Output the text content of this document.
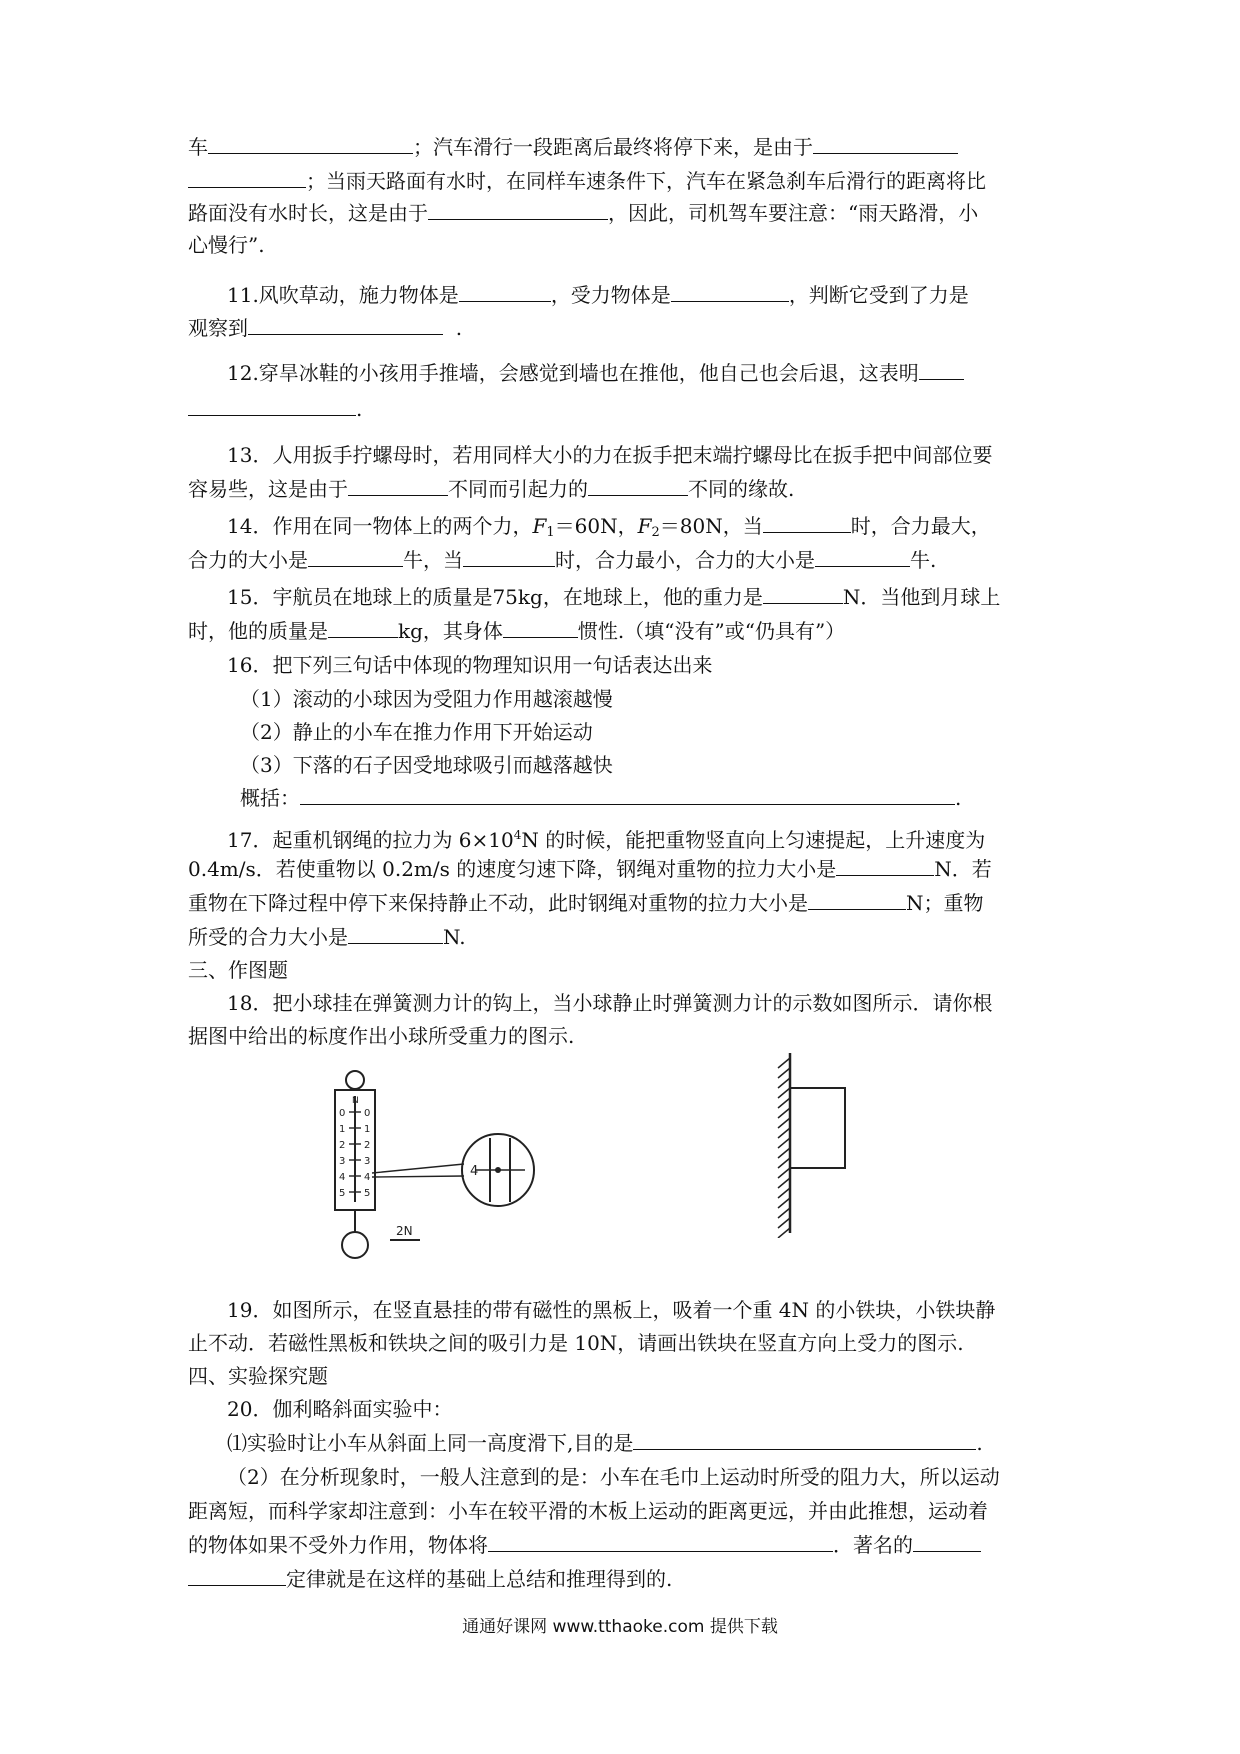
车	；汽车滑行一段距离后最终将停下来，是由于
；当雨天路面有水时，在同样车速条件下，汽车在紧急刹车后滑行的距离将比
路面没有水时长，这是由于	，因此，司机驾车要注意：“雨天路滑，小
心慢行”.
11.风吹草动，施力物体是	，受力物体是	，判断它受到了力是
观察到	.
12.穿旱冰鞋的小孩用手推墙，会感觉到墙也在推他，他自己也会后退，这表明
.
13．人用扳手拧螺母时，若用同样大小的力在扳手把末端拧螺母比在扳手把中间部位要
容易些，这是由于	不同而引起力的	不同的缘故.
14．作用在同一物体上的两个力，$F_1=60N$，$F_2=80N$，当	时，合力最大，
合力的大小是	牛，当	时，合力最小，合力的大小是	牛.
15．宇航员在地球上的质量是75kg，在地球上，他的重力是	N．当他到月球上
时，他的质量是	kg，其身体	惯性.（填“没有”或“仍具有”）
16．把下列三句话中体现的物理知识用一句话表达出来
（1）滚动的小球因为受阻力作用越滚越慢
（2）静止的小车在推力作用下开始运动
（3）下落的石子因受地球吸引而越落越快
概括：	.
17．起重机钢绳的拉力为 $6\times 10^4N$ 的时候，能把重物竖直向上匀速提起，上升速度为
0.4m/s．若使重物以 0.2m/s 的速度匀速下降，钢绳对重物的拉力大小是	N．若
重物在下降过程中停下来保持静止不动，此时钢绳对重物的拉力大小是	N；重物
所受的合力大小是	N.
三、作图题
18．把小球挂在弹簧测力计的钩上，当小球静止时弹簧测力计的示数如图所示．请你根
据图中给出的标度作出小球所受重力的图示.
N
0 0
1 1
2 2
3 3
4 4
5 5
4
2N
19．如图所示，在竖直悬挂的带有磁性的黑板上，吸着一个重 4N 的小铁块，小铁块静
止不动．若磁性黑板和铁块之间的吸引力是 10N，请画出铁块在竖直方向上受力的图示.
四、实验探究题
20．伽利略斜面实验中：
⑴实验时让小车从斜面上同一高度滑下,目的是	.
（2）在分析现象时，一般人注意到的是：小车在毛巾上运动时所受的阻力大，所以运动
距离短，而科学家却注意到：小车在较平滑的木板上运动的距离更远，并由此推想，运动着
的物体如果不受外力作用，物体将	．著名的
定律就是在这样的基础上总结和推理得到的.
通通好课网 www.tthaoke.com 提供下载
